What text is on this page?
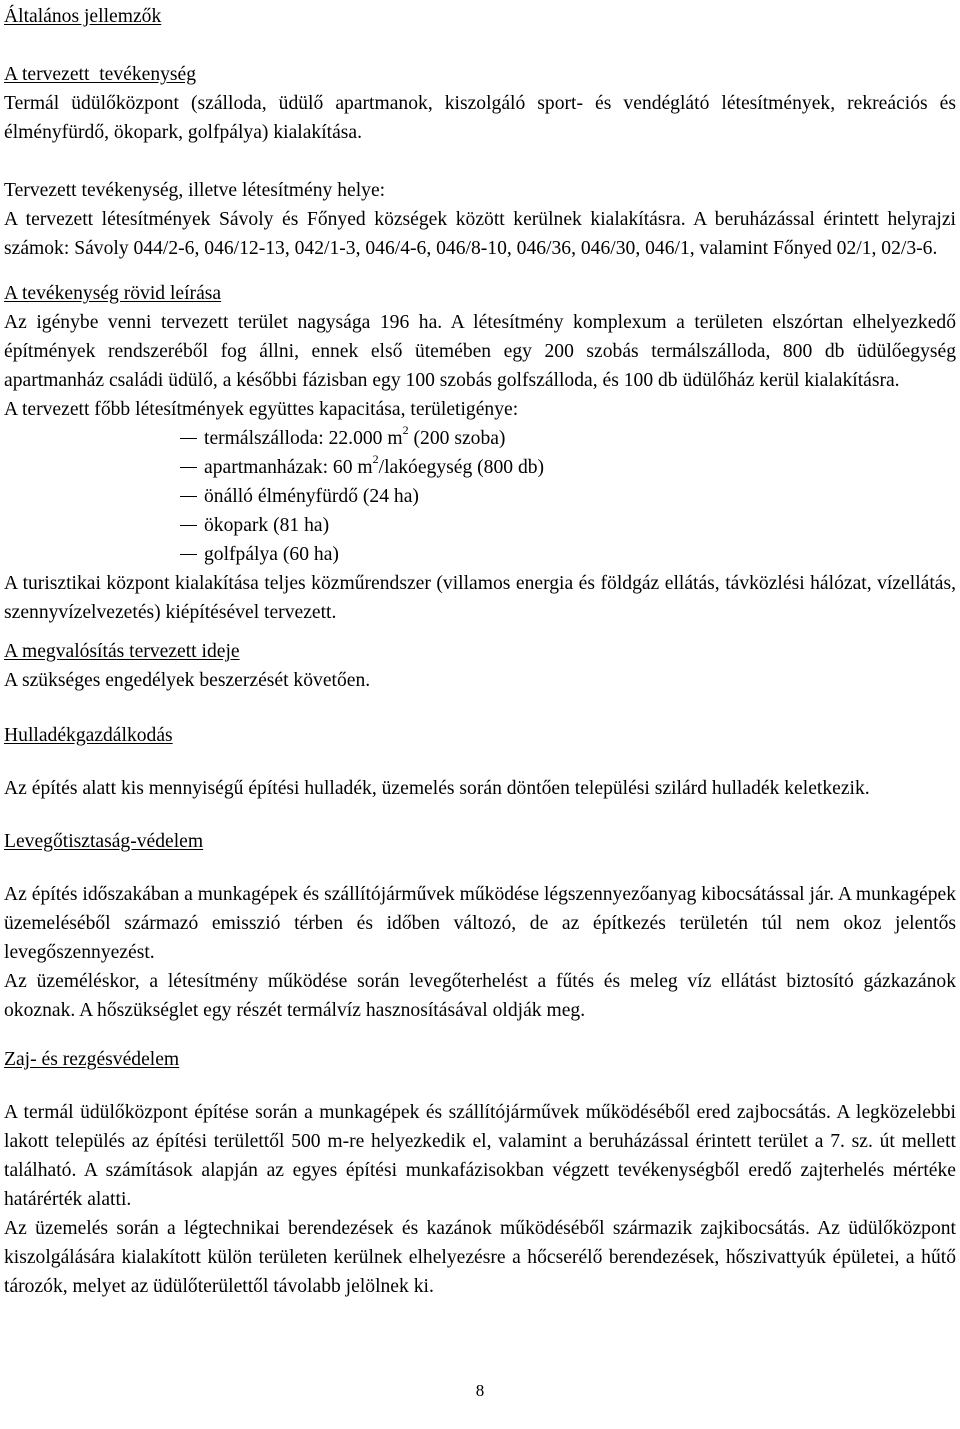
Általános jellemzők

A tervezett  tevékenység

Termál üdülőközpont (szálloda, üdülő apartmanok, kiszolgáló sport- és vendéglátó létesítmények, rekreációs és élményfürdő, ökopark, golfpálya) kialakítása.

Tervezett tevékenység, illetve létesítmény helye:

A tervezett létesítmények Sávoly és Főnyed községek között kerülnek kialakításra. A beruházással érintett helyrajzi számok: Sávoly 044/2-6, 046/12-13, 042/1-3, 046/4-6, 046/8-10, 046/36, 046/30, 046/1, valamint Főnyed 02/1, 02/3-6.

A tevékenység rövid leírása

Az igénybe venni tervezett terület nagysága 196 ha. A létesítmény komplexum a területen elszórtan elhelyezkedő építmények rendszeréből fog állni, ennek első ütemében egy 200 szobás termálszálloda, 800 db üdülőegység apartmanház családi üdülő, a későbbi fázisban egy 100 szobás golfszálloda, és 100 db üdülőház kerül kialakításra.

A tervezett főbb létesítmények együttes kapacitása, területigénye:

termálszálloda: 22.000 $m^2$ (200 szoba)
apartmanházak: 60 $m^2$/lakóegység (800 db)
önálló élményfürdő (24 ha)
ökopark (81 ha)
golfpálya (60 ha)

A turisztikai központ kialakítása teljes közműrendszer (villamos energia és földgáz ellátás, távközlési hálózat, vízellátás, szennyvízelvezetés) kiépítésével tervezett.

A megvalósítás tervezett ideje

A szükséges engedélyek beszerzését követően.

Hulladékgazdálkodás

Az építés alatt kis mennyiségű építési hulladék, üzemelés során döntően települési szilárd hulladék keletkezik.

Levegőtisztaság-védelem

Az építés időszakában a munkagépek és szállítójárművek működése légszennyezőanyag kibocsátással jár. A munkagépek üzemeléséből származó emisszió térben és időben változó, de az építkezés területén túl nem okoz jelentős levegőszennyezést.

Az üzeméléskor, a létesítmény működése során levegőterhelést a fűtés és meleg víz ellátást biztosító gázkazánok okoznak. A hőszükséglet egy részét termálvíz hasznosításával oldják meg.

Zaj- és rezgésvédelem

A termál üdülőközpont építése során a munkagépek és szállítójárművek működéséből ered zajbocsátás. A legközelebbi lakott település az építési területtől 500 m-re helyezkedik el, valamint a beruházással érintett terület a 7. sz. út mellett található. A számítások alapján az egyes építési munkafázisokban végzett tevékenységből eredő zajterhelés mértéke határérték alatti.

Az üzemelés során a légtechnikai berendezések és kazánok működéséből származik zajkibocsátás. Az üdülőközpont kiszolgálására kialakított külön területen kerülnek elhelyezésre a hőcserélő berendezések, hőszivattyúk épületei, a hűtő tározók, melyet az üdülőterülettől távolabb jelölnek ki.

8
